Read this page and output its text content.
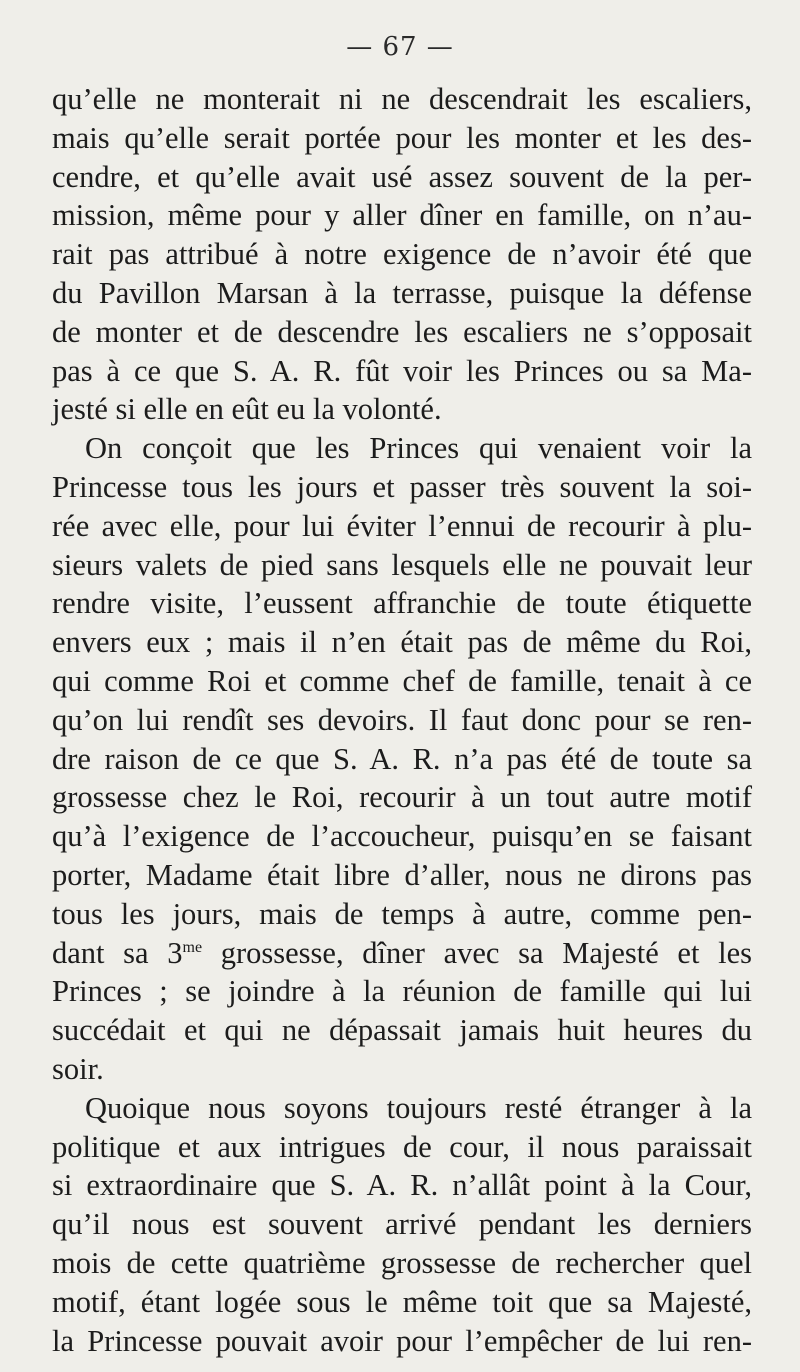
— 67 —
qu’elle ne monterait ni ne descendrait les escaliers,
mais qu’elle serait portée pour les monter et les des-
cendre, et qu’elle avait usé assez souvent de la per-
mission, même pour y aller dîner en famille, on n’au-
rait pas attribué à notre exigence de n’avoir été que
du Pavillon Marsan à la terrasse, puisque la défense
de monter et de descendre les escaliers ne s’opposait
pas à ce que S. A. R. fût voir les Princes ou sa Ma-
jesté si elle en eût eu la volonté.
On conçoit que les Princes qui venaient voir la
Princesse tous les jours et passer très souvent la soi-
rée avec elle, pour lui éviter l’ennui de recourir à plu-
sieurs valets de pied sans lesquels elle ne pouvait leur
rendre visite, l’eussent affranchie de toute étiquette
envers eux ; mais il n’en était pas de même du Roi,
qui comme Roi et comme chef de famille, tenait à ce
qu’on lui rendît ses devoirs. Il faut donc pour se ren-
dre raison de ce que S. A. R. n’a pas été de toute sa
grossesse chez le Roi, recourir à un tout autre motif
qu’à l’exigence de l’accoucheur, puisqu’en se faisant
porter, Madame était libre d’aller, nous ne dirons pas
tous les jours, mais de temps à autre, comme pen-
dant sa $3^{me}$ grossesse, dîner avec sa Majesté et les
Princes ; se joindre à la réunion de famille qui lui
succédait et qui ne dépassait jamais huit heures du
soir.
Quoique nous soyons toujours resté étranger à la
politique et aux intrigues de cour, il nous paraissait
si extraordinaire que S. A. R. n’allât point à la Cour,
qu’il nous est souvent arrivé pendant les derniers
mois de cette quatrième grossesse de rechercher quel
motif, étant logée sous le même toit que sa Majesté,
la Princesse pouvait avoir pour l’empêcher de lui ren-
